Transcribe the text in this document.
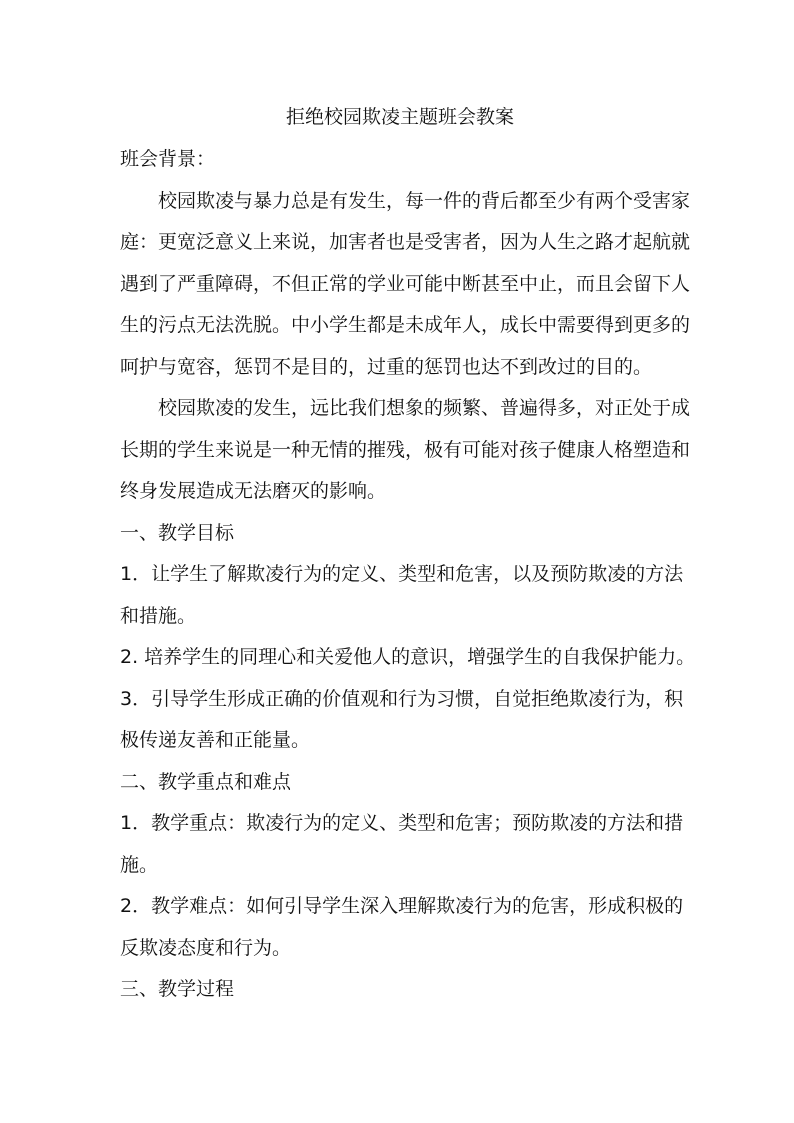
拒绝校园欺凌主题班会教案
班会背景：
校园欺凌与暴力总是有发生，每一件的背后都至少有两个受害家
庭：更宽泛意义上来说，加害者也是受害者，因为人生之路才起航就
遇到了严重障碍，不但正常的学业可能中断甚至中止，而且会留下人
生的污点无法洗脱。中小学生都是未成年人，成长中需要得到更多的
呵护与宽容，惩罚不是目的，过重的惩罚也达不到改过的目的。
校园欺凌的发生，远比我们想象的频繁、普遍得多，对正处于成
长期的学生来说是一种无情的摧残，极有可能对孩子健康人格塑造和
终身发展造成无法磨灭的影响。
一、教学目标
1．让学生了解欺凌行为的定义、类型和危害，以及预防欺凌的方法
和措施。
2. 培养学生的同理心和关爱他人的意识，增强学生的自我保护能力。
3．引导学生形成正确的价值观和行为习惯，自觉拒绝欺凌行为，积
极传递友善和正能量。
二、教学重点和难点
1．教学重点：欺凌行为的定义、类型和危害；预防欺凌的方法和措
施。
2．教学难点：如何引导学生深入理解欺凌行为的危害，形成积极的
反欺凌态度和行为。
三、教学过程
